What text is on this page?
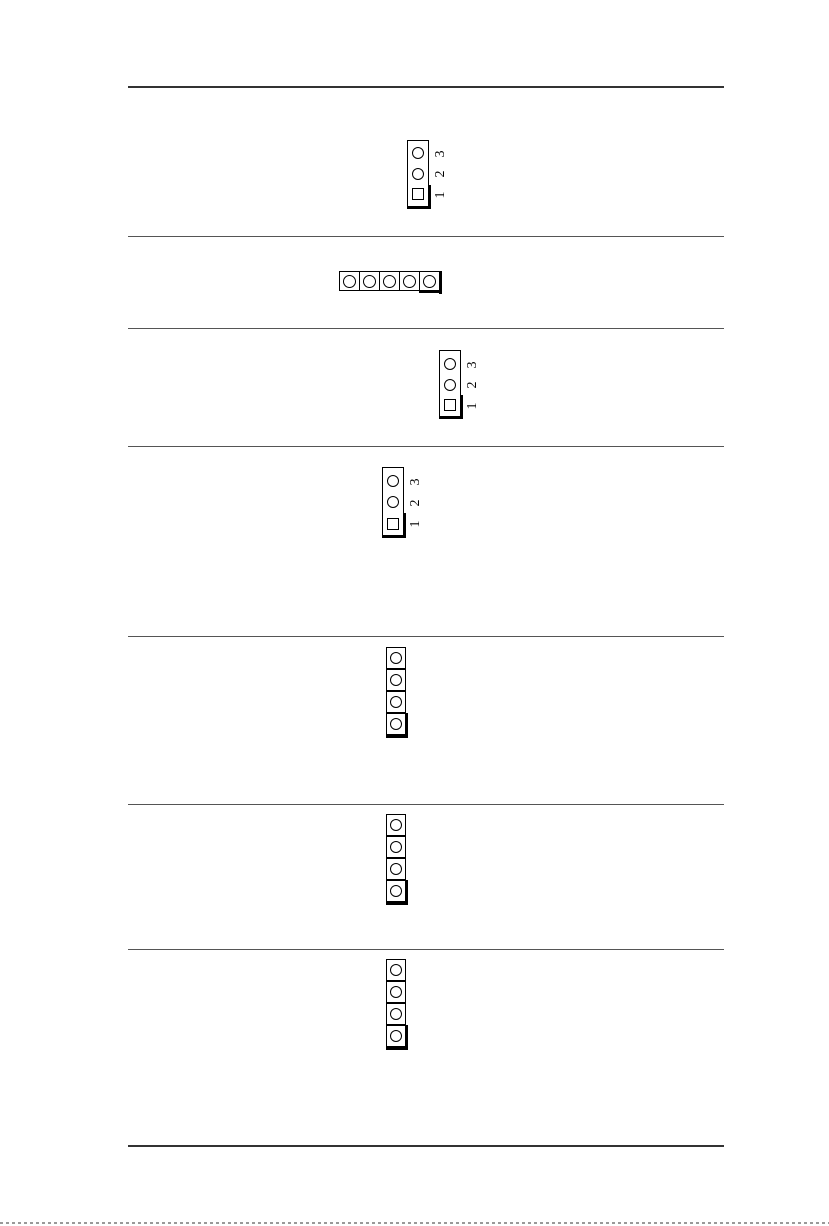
3
2
1
3
2
1
3
2
1
